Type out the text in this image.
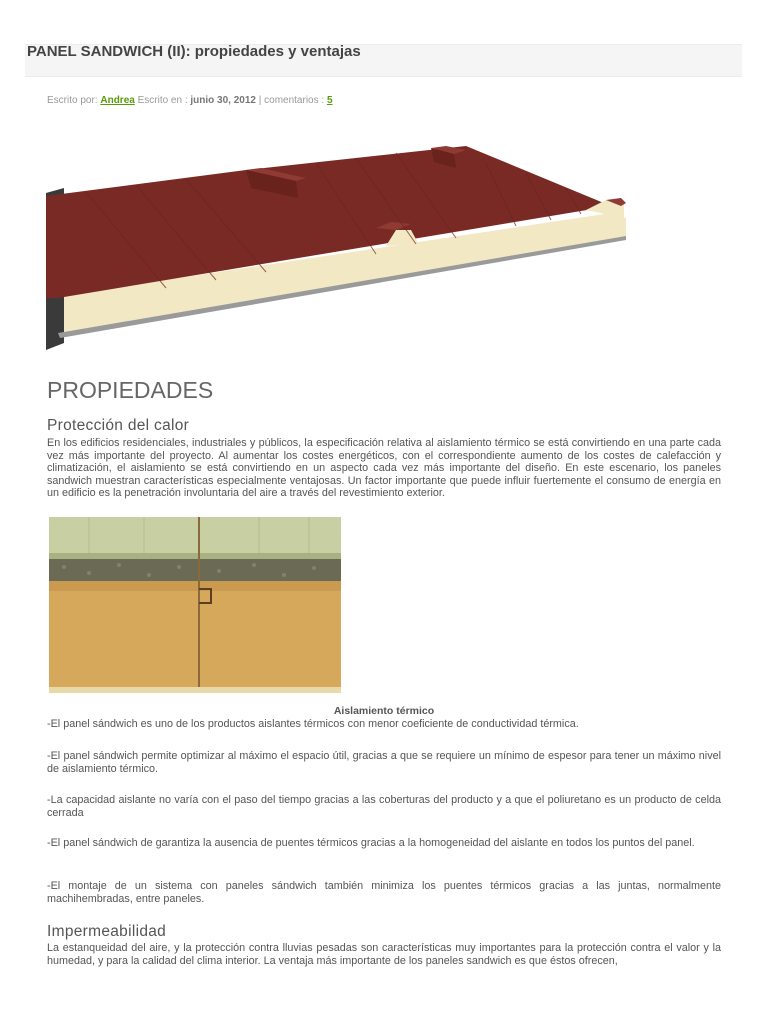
PANEL SANDWICH (II): propiedades y ventajas
Escrito por: Andrea Escrito en : junio 30, 2012 | comentarios : 5
PROPIEDADES
Protección del calor

En los edificios residenciales, industriales y públicos, la especificación relativa al aislamiento térmico se está convirtiendo en una parte cada vez más importante del proyecto. Al aumentar los costes energéticos, con el correspondiente aumento de los costes de calefacción y climatización, el aislamiento se está convirtiendo en un aspecto cada vez más importante del diseño. En este escenario, los paneles sandwich muestran características especialmente ventajosas. Un factor importante que puede influir fuertemente el consumo de energía en un edificio es la penetración involuntaria del aire a través del revestimiento exterior.

Aislamiento térmico

-El panel sándwich es uno de los productos aislantes térmicos con menor coeficiente de conductividad térmica.

-El panel sándwich permite optimizar al máximo el espacio útil, gracias a que se requiere un mínimo de espesor para tener un máximo nivel de aislamiento térmico.

-La capacidad aislante no varía con el paso del tiempo gracias a las coberturas del producto y a que el poliuretano es un producto de celda cerrada

-El panel sándwich de garantiza la ausencia de puentes térmicos gracias a la homogeneidad del aislante en todos los puntos del panel.

-El montaje de un sistema con paneles sándwich también minimiza los puentes térmicos gracias a las juntas, normalmente machihembradas, entre paneles.

Impermeabilidad

La estanqueidad del aire, y la protección contra lluvias pesadas son características muy importantes para la protección contra el valor y la humedad, y para la calidad del clima interior. La ventaja más importante de los paneles sandwich es que éstos ofrecen,
